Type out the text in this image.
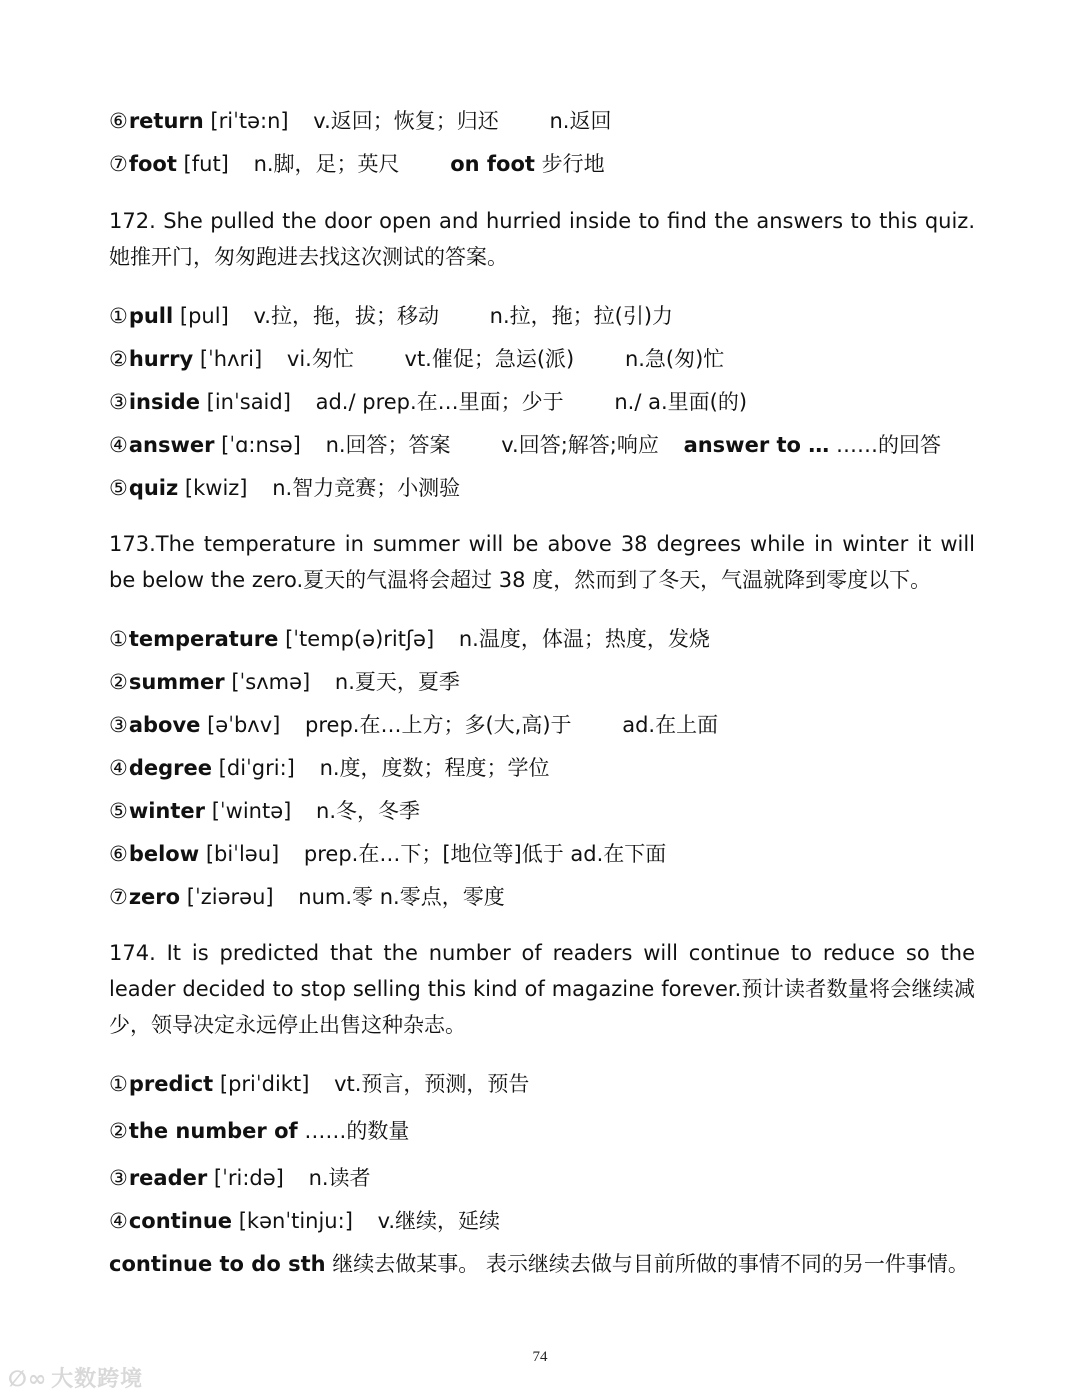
⑥return [riˈtə:n] v.返回；恢复；归还 n.返回
⑦foot [fut] n.脚，足；英尺 on foot 步行地
172. She pulled the door open and hurried inside to find the answers to this quiz.她推开门，匆匆跑进去找这次测试的答案。
①pull [pul] v.拉，拖，拔；移动 n.拉，拖；拉(引)力
②hurry [ˈhʌri] vi.匆忙 vt.催促；急运(派) n.急(匆)忙
③inside [inˈsaid] ad./ prep.在…里面；少于 n./ a.里面(的)
④answer [ˈɑ:nsə] n.回答；答案 v.回答;解答;响应 answer to … ……的回答
⑤quiz [kwiz] n.智力竞赛；小测验
173.The temperature in summer will be above 38 degrees while in winter it will be below the zero.夏天的气温将会超过 38 度，然而到了冬天，气温就降到零度以下。
①temperature [ˈtemp(ə)ritʃə] n.温度，体温；热度，发烧
②summer [ˈsʌmə] n.夏天，夏季
③above [əˈbʌv] prep.在…上方；多(大,高)于 ad.在上面
④degree [diˈgri:] n.度，度数；程度；学位
⑤winter [ˈwintə] n.冬，冬季
⑥below [biˈləu] prep.在…下；[地位等]低于 ad.在下面
⑦zero [ˈziərəu] num.零 n.零点，零度
174. It is predicted that the number of readers will continue to reduce so the leader decided to stop selling this kind of magazine forever.预计读者数量将会继续减少，领导决定永远停止出售这种杂志。
①predict [priˈdikt] vt.预言，预测，预告
②the number of ……的数量
③reader [ˈri:də] n.读者
④continue [kənˈtinju:] v.继续，延续
continue to do sth 继续去做某事。 表示继续去做与目前所做的事情不同的另一件事情。
74
∅∞ 大数跨境
